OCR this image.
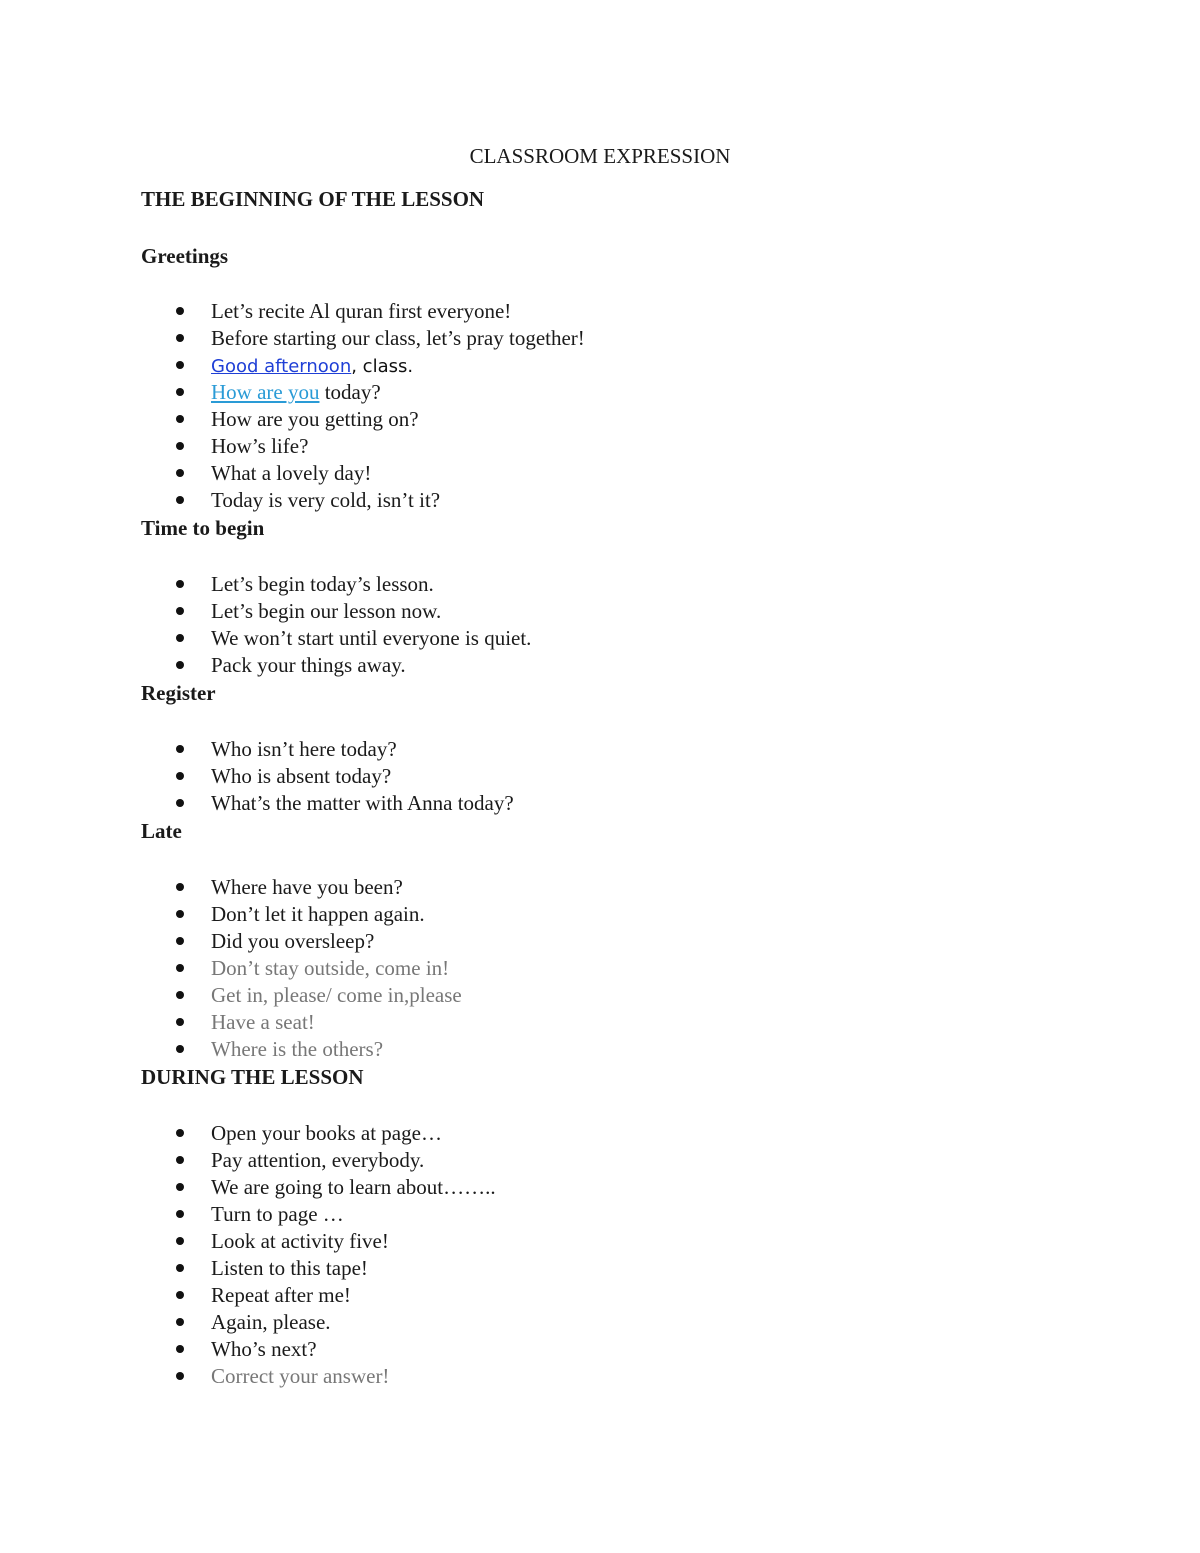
CLASSROOM EXPRESSION
THE BEGINNING OF THE LESSON
Greetings
Let’s recite Al quran first everyone!
Before starting our class, let’s pray together!
Good afternoon, class.
How are you today?
How are you getting on?
How’s life?
What a lovely day!
Today is very cold, isn’t it?
Time to begin
Let’s begin today’s lesson.
Let’s begin our lesson now.
We won’t start until everyone is quiet.
Pack your things away.
Register
Who isn’t here today?
Who is absent today?
What’s the matter with Anna today?
Late
Where have you been?
Don’t let it happen again.
Did you oversleep?
Don’t stay outside, come in!
Get in, please/ come in,please
Have a seat!
Where is the others?
DURING THE LESSON
Open your books at page…
Pay attention, everybody.
We are going to learn about……..
Turn to page …
Look at activity five!
Listen to this tape!
Repeat after me!
Again, please.
Who’s next?
Correct your answer!
